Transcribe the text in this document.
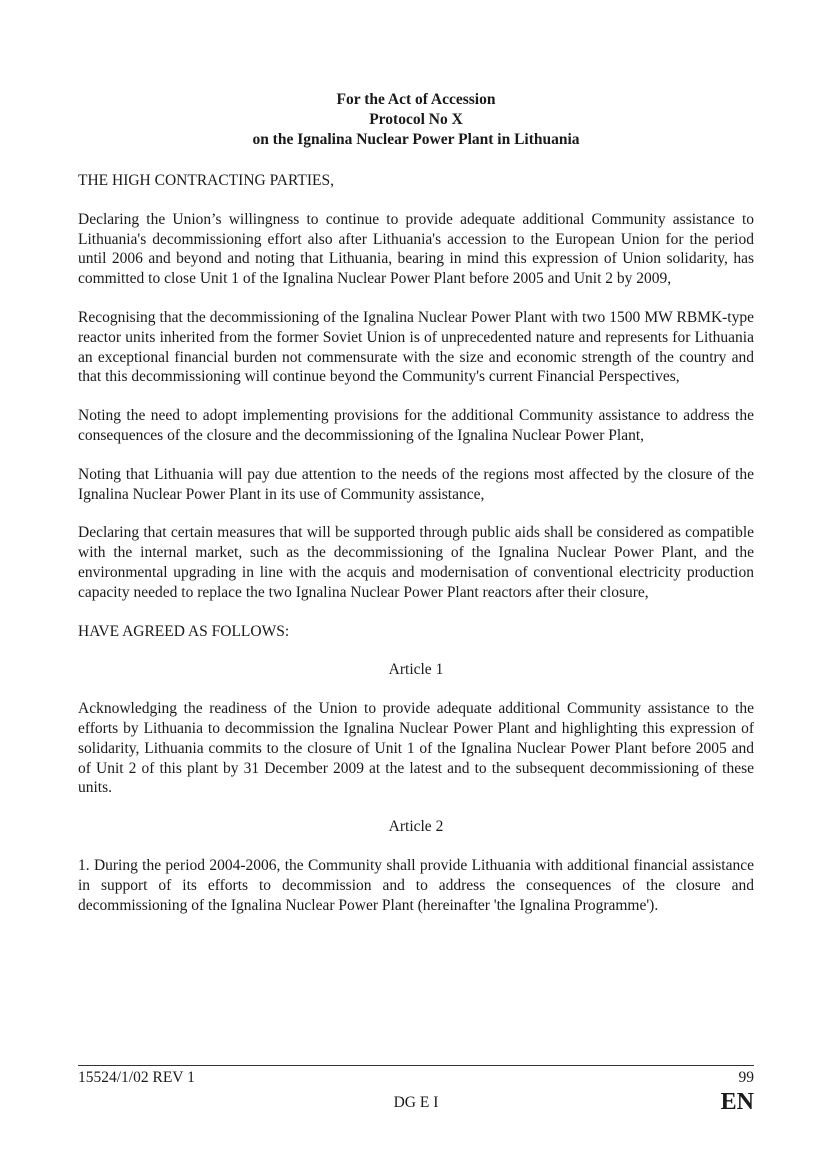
For the Act of Accession
Protocol No X
on the Ignalina Nuclear Power Plant in Lithuania

THE HIGH CONTRACTING PARTIES,

Declaring the Union’s willingness to continue to provide adequate additional Community assistance to Lithuania's decommissioning effort also after Lithuania's accession to the European Union for the period until 2006 and beyond and noting that Lithuania, bearing in mind this expression of Union solidarity, has committed to close Unit 1 of the Ignalina Nuclear Power Plant before 2005 and Unit 2 by 2009,

Recognising that the decommissioning of the Ignalina Nuclear Power Plant with two 1500 MW RBMK-type reactor units inherited from the former Soviet Union is of unprecedented nature and represents for Lithuania an exceptional financial burden not commensurate with the size and economic strength of the country and that this decommissioning will continue beyond the Community's current Financial Perspectives,

Noting the need to adopt implementing provisions for the additional Community assistance to address the consequences of the closure and the decommissioning of the Ignalina Nuclear Power Plant,

Noting that Lithuania will pay due attention to the needs of the regions most affected by the closure of the Ignalina Nuclear Power Plant in its use of Community assistance,

Declaring that certain measures that will be supported through public aids shall be considered as compatible with the internal market, such as the decommissioning of the Ignalina Nuclear Power Plant, and the environmental upgrading in line with the acquis and modernisation of conventional electricity production capacity needed to replace the two Ignalina Nuclear Power Plant reactors after their closure,

HAVE AGREED AS FOLLOWS:

Article 1

Acknowledging the readiness of the Union to provide adequate additional Community assistance to the efforts by Lithuania to decommission the Ignalina Nuclear Power Plant and highlighting this expression of solidarity, Lithuania commits to the closure of Unit 1 of the Ignalina Nuclear Power Plant before 2005 and of Unit 2 of this plant by 31 December 2009 at the latest and to the subsequent decommissioning of these units.

Article 2

1. During the period 2004-2006, the Community shall provide Lithuania with additional financial assistance in support of its efforts to decommission and to address the consequences of the closure and decommissioning of the Ignalina Nuclear Power Plant (hereinafter 'the Ignalina Programme').

15524/1/02 REV 1	99
DG E I	EN
